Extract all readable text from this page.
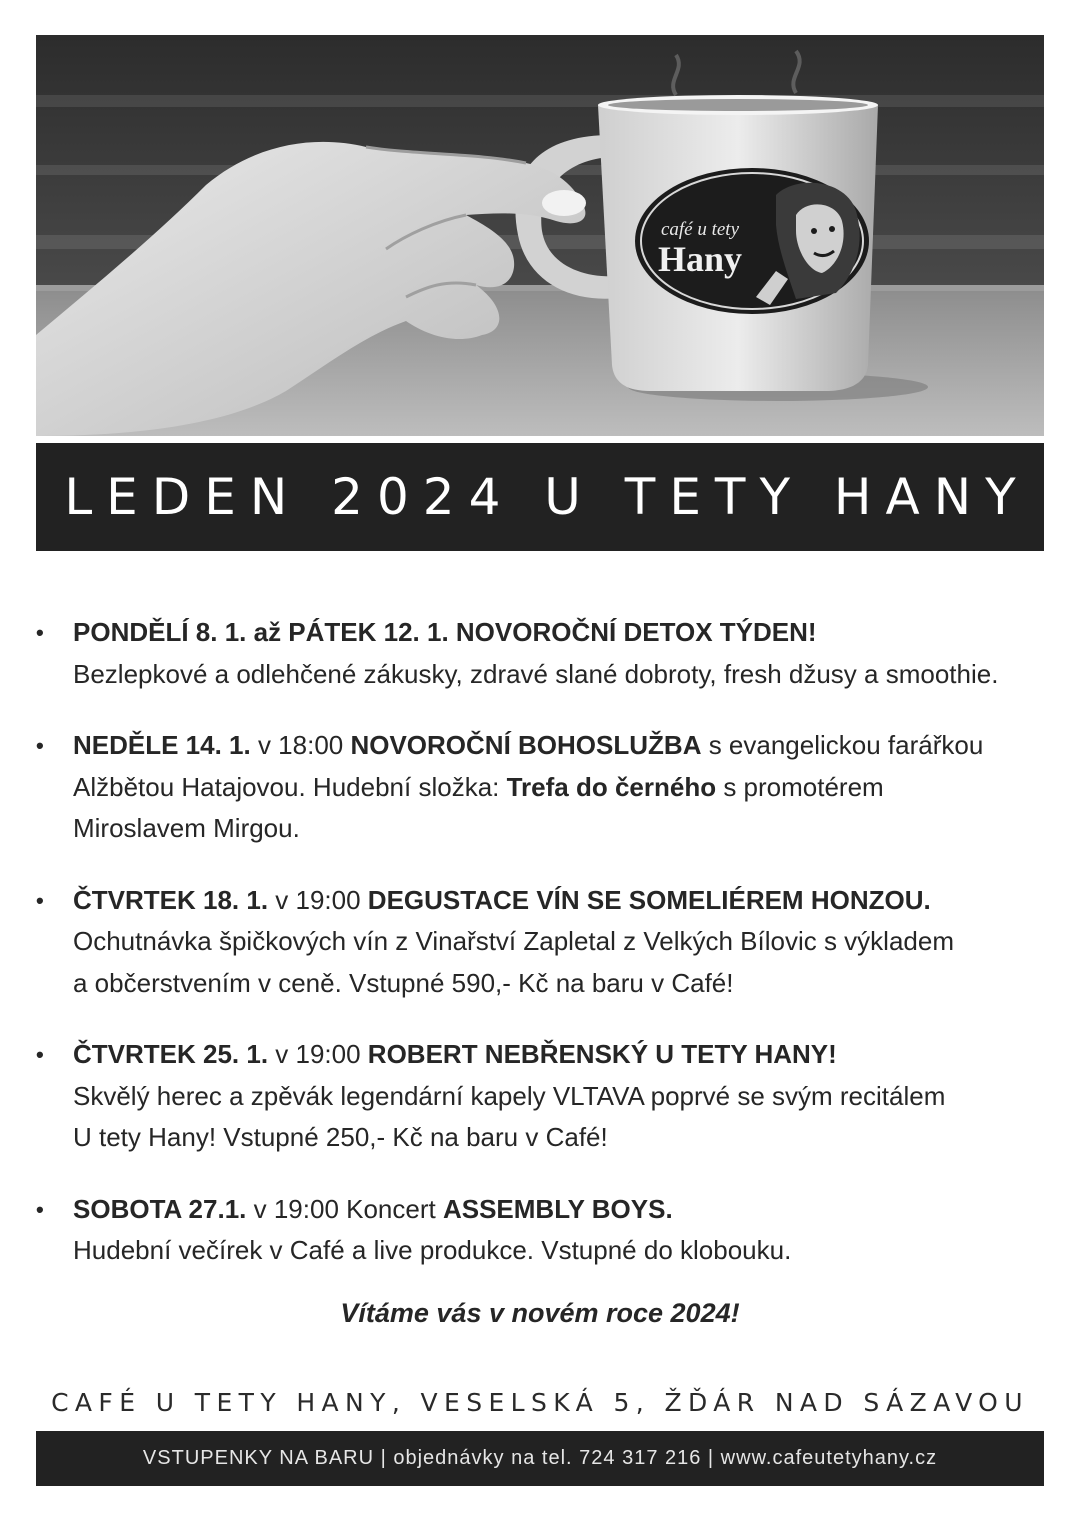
café u tety
Hany
LEDEN 2024 U TETY HANY
• PONDĚLÍ 8. 1. až PÁTEK 12. 1. NOVOROČNÍ DETOX TÝDEN!
Bezlepkové a odlehčené zákusky, zdravé slané dobroty, fresh džusy a smoothie.
• NEDĚLE 14. 1. v 18:00 NOVOROČNÍ BOHOSLUŽBA s evangelickou farářkou
Alžbětou Hatajovou. Hudební složka: Trefa do černého s promotérem
Miroslavem Mirgou.
• ČTVRTEK 18. 1. v 19:00 DEGUSTACE VÍN SE SOMELIÉREM HONZOU.
Ochutnávka špičkových vín z Vinařství Zapletal z Velkých Bílovic s výkladem
a občerstvením v ceně. Vstupné 590,- Kč na baru v Café!
• ČTVRTEK 25. 1. v 19:00 ROBERT NEBŘENSKÝ U TETY HANY!
Skvělý herec a zpěvák legendární kapely VLTAVA poprvé se svým recitálem
U tety Hany! Vstupné 250,- Kč na baru v Café!
• SOBOTA 27.1. v 19:00 Koncert ASSEMBLY BOYS.
Hudební večírek v Café a live produkce. Vstupné do klobouku.
Vítáme vás v novém roce 2024!
CAFÉ U TETY HANY, VESELSKÁ 5, ŽĎÁR NAD SÁZAVOU
VSTUPENKY NA BARU | objednávky na tel. 724 317 216 | www.cafeutetyhany.cz
